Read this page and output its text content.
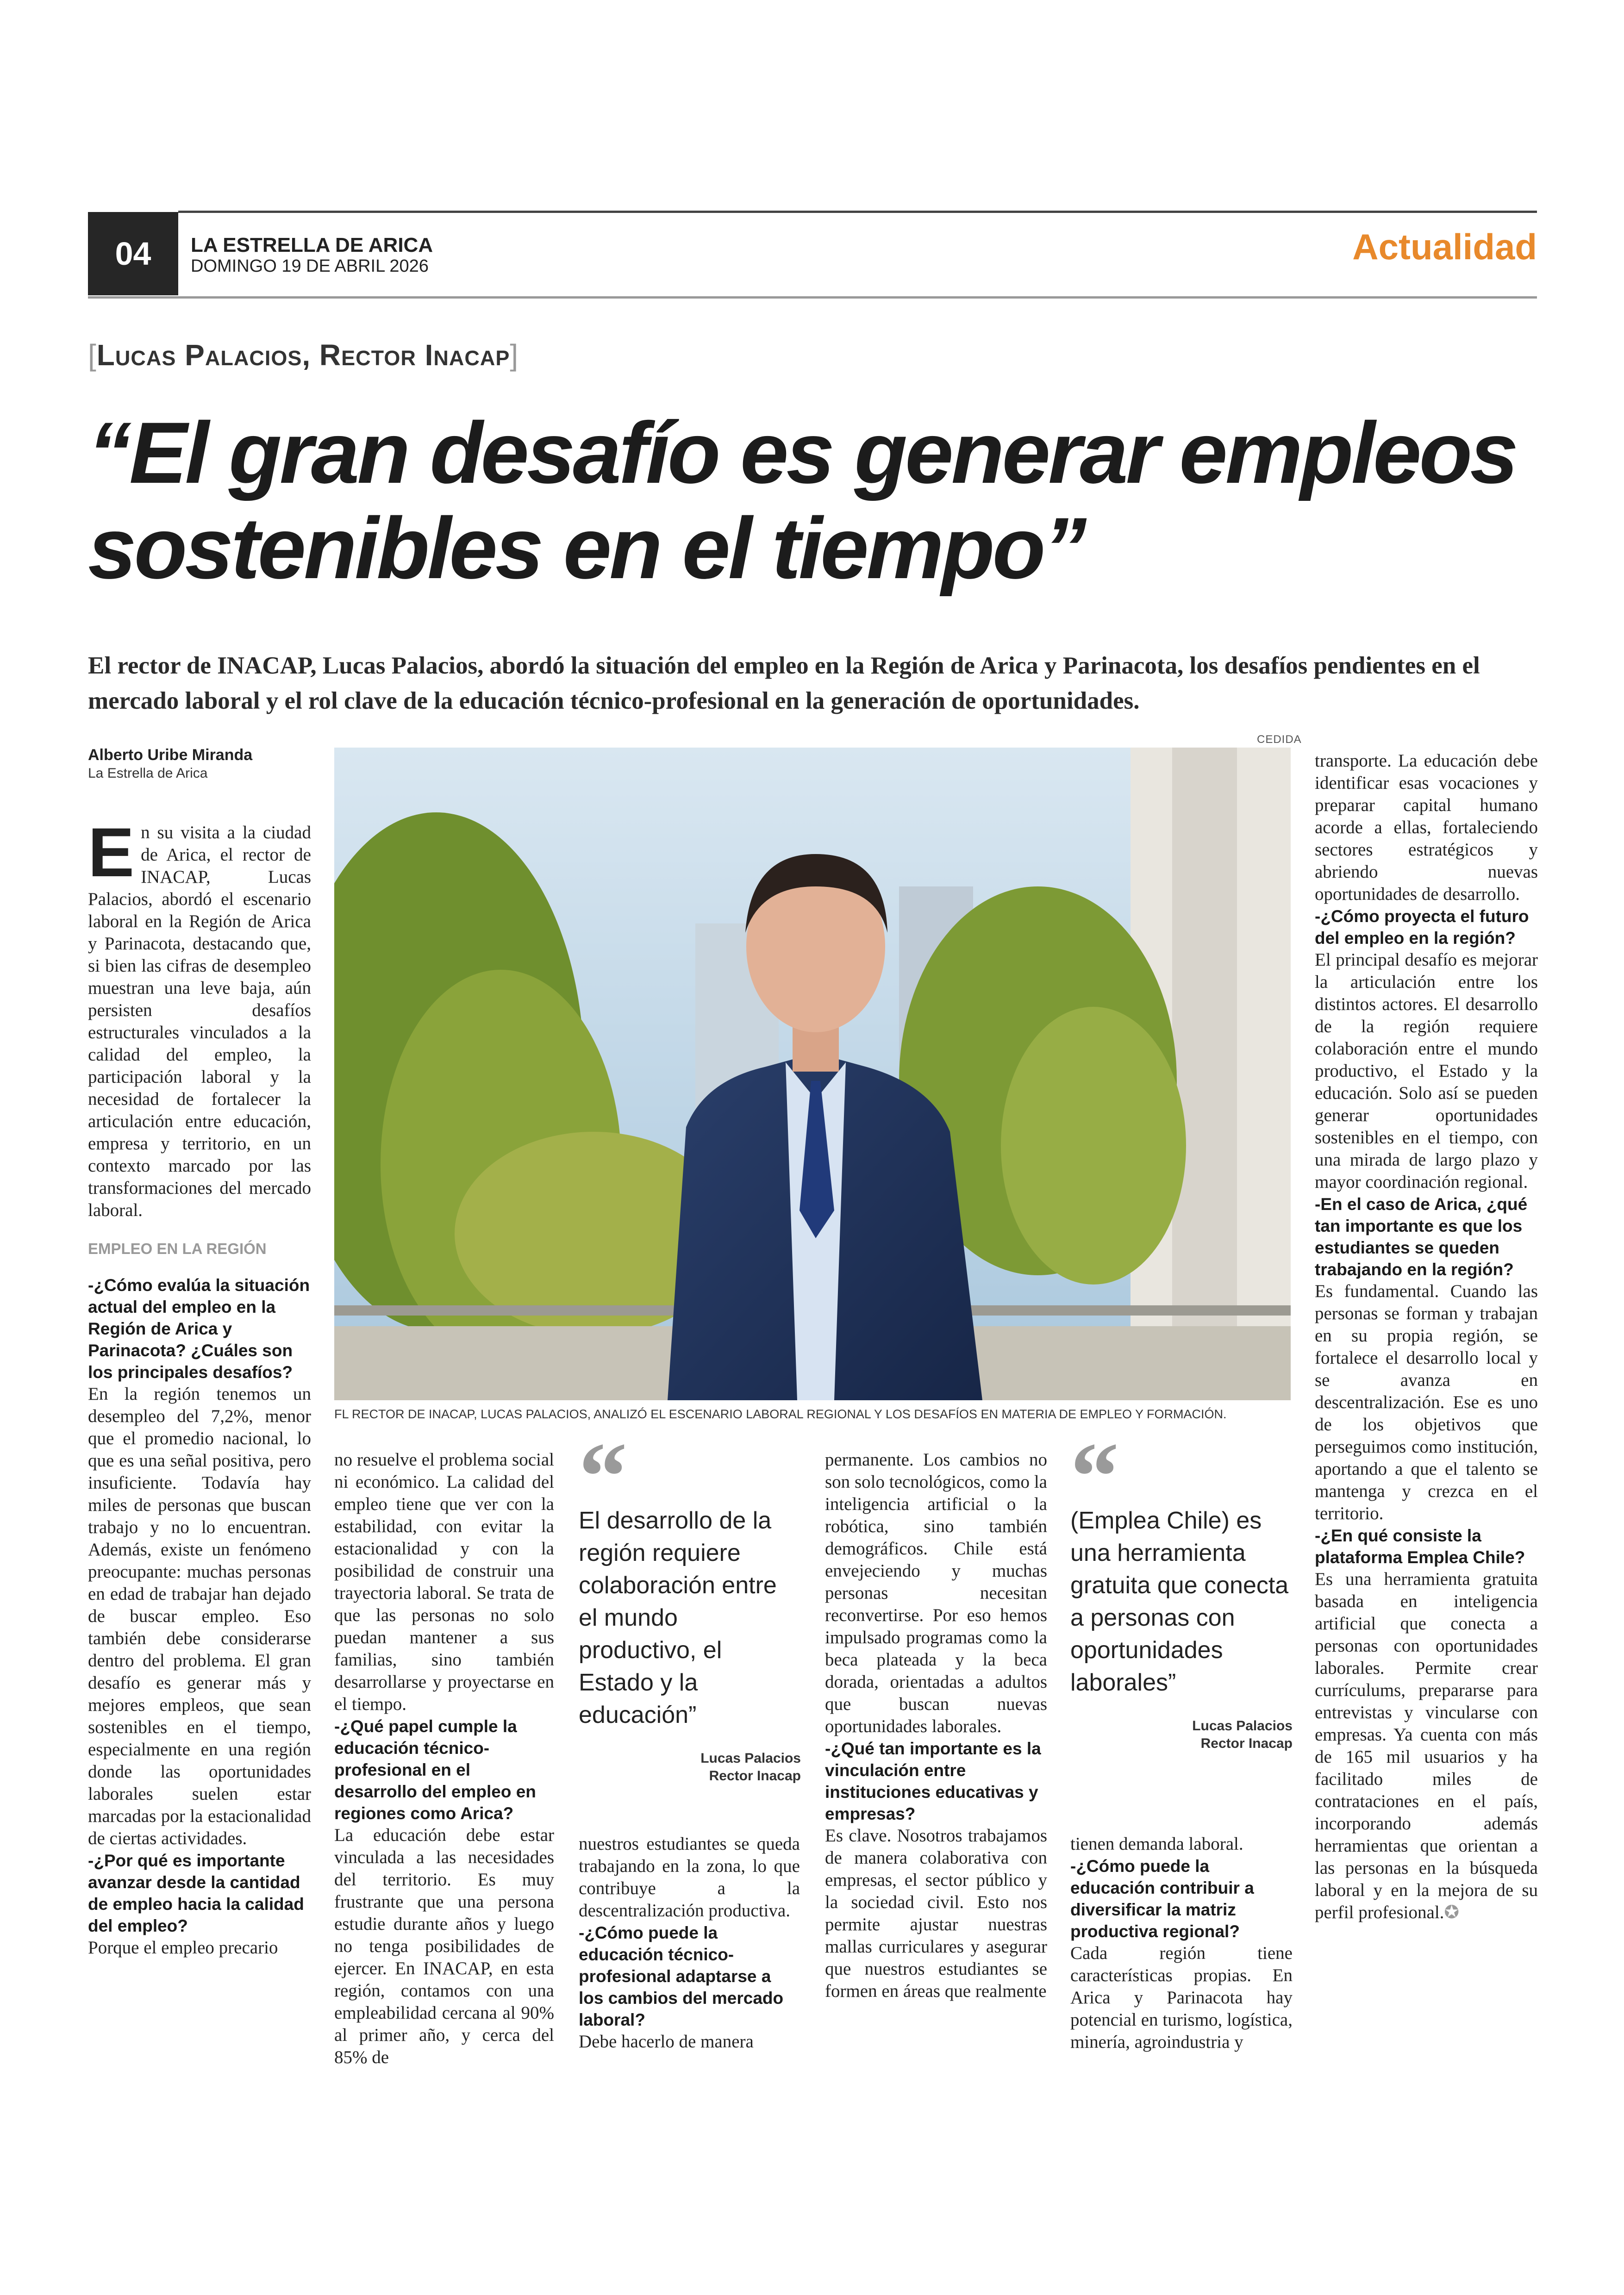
04	LA ESTRELLA DE ARICA
DOMINGO 19 DE ABRIL 2026	Actualidad
[Lucas Palacios, Rector Inacap]
“El gran desafío es generar empleos sostenibles en el tiempo”
El rector de INACAP, Lucas Palacios, abordó la situación del empleo en la Región de Arica y Parinacota, los desafíos pendientes en el mercado laboral y el rol clave de la educación técnico-profesional en la generación de oportunidades.
Alberto Uribe Miranda
La Estrella de Arica
CEDIDA
FL RECTOR DE INACAP, LUCAS PALACIOS, ANALIZÓ EL ESCENARIO LABORAL REGIONAL Y LOS DESAFÍOS EN MATERIA DE EMPLEO Y FORMACIÓN.

En su visita a la ciudad de Arica, el rector de INACAP, Lucas Palacios, abordó el escenario laboral en la Región de Arica y Parinacota, destacando que, si bien las cifras de desempleo muestran una leve baja, aún persisten desafíos estructurales vinculados a la calidad del empleo, la participación laboral y la necesidad de fortalecer la articulación entre educación, empresa y territorio, en un contexto marcado por las transformaciones del mercado laboral.

EMPLEO EN LA REGIÓN

-¿Cómo evalúa la situación actual del empleo en la Región de Arica y Parinacota? ¿Cuáles son los principales desafíos?

En la región tenemos un desempleo del 7,2%, menor que el promedio nacional, lo que es una señal positiva, pero insuficiente. Todavía hay miles de personas que buscan trabajo y no lo encuentran. Además, existe un fenómeno preocupante: muchas personas en edad de trabajar han dejado de buscar empleo. Eso también debe considerarse dentro del problema. El gran desafío es generar más y mejores empleos, que sean sostenibles en el tiempo, especialmente en una región donde las oportunidades laborales suelen estar marcadas por la estacionalidad de ciertas actividades.

-¿Por qué es importante avanzar desde la cantidad de empleo hacia la calidad del empleo?

Porque el empleo precario

no resuelve el problema social ni económico. La calidad del empleo tiene que ver con la estabilidad, con evitar la estacionalidad y con la posibilidad de construir una trayectoria laboral. Se trata de que las personas no solo puedan mantener a sus familias, sino también desarrollarse y proyectarse en el tiempo.

-¿Qué papel cumple la educación técnico-profesional en el desarrollo del empleo en regiones como Arica?

La educación debe estar vinculada a las necesidades del territorio. Es muy frustrante que una persona estudie durante años y luego no tenga posibilidades de ejercer. En INACAP, en esta región, contamos con una empleabilidad cercana al 90% al primer año, y cerca del 85% de

“
El desarrollo de la región requiere colaboración entre el mundo productivo, el Estado y la educación”
Lucas Palacios
Rector Inacap

nuestros estudiantes se queda trabajando en la zona, lo que contribuye a la descentralización productiva.

-¿Cómo puede la educación técnico-profesional adaptarse a los cambios del mercado laboral?

Debe hacerlo de manera

permanente. Los cambios no son solo tecnológicos, como la inteligencia artificial o la robótica, sino también demográficos. Chile está envejeciendo y muchas personas necesitan reconvertirse. Por eso hemos impulsado programas como la beca plateada y la beca dorada, orientadas a adultos que buscan nuevas oportunidades laborales.

-¿Qué tan importante es la vinculación entre instituciones educativas y empresas?

Es clave. Nosotros trabajamos de manera colaborativa con empresas, el sector público y la sociedad civil. Esto nos permite ajustar nuestras mallas curriculares y asegurar que nuestros estudiantes se formen en áreas que realmente

“
(Emplea Chile) es una herramienta gratuita que conecta a personas con oportunidades laborales”
Lucas Palacios
Rector Inacap

tienen demanda laboral.

-¿Cómo puede la educación contribuir a diversificar la matriz productiva regional?

Cada región tiene características propias. En Arica y Parinacota hay potencial en turismo, logística, minería, agroindustria y

transporte. La educación debe identificar esas vocaciones y preparar capital humano acorde a ellas, fortaleciendo sectores estratégicos y abriendo nuevas oportunidades de desarrollo.

-¿Cómo proyecta el futuro del empleo en la región?

El principal desafío es mejorar la articulación entre los distintos actores. El desarrollo de la región requiere colaboración entre el mundo productivo, el Estado y la educación. Solo así se pueden generar oportunidades sostenibles en el tiempo, con una mirada de largo plazo y mayor coordinación regional.

-En el caso de Arica, ¿qué tan importante es que los estudiantes se queden trabajando en la región?

Es fundamental. Cuando las personas se forman y trabajan en su propia región, se fortalece el desarrollo local y se avanza en descentralización. Ese es uno de los objetivos que perseguimos como institución, aportando a que el talento se mantenga y crezca en el territorio.

-¿En qué consiste la plataforma Emplea Chile?

Es una herramienta gratuita basada en inteligencia artificial que conecta a personas con oportunidades laborales. Permite crear currículums, prepararse para entrevistas y vincularse con empresas. Ya cuenta con más de 165 mil usuarios y ha facilitado miles de contrataciones en el país, incorporando además herramientas que orientan a las personas en la búsqueda laboral y en la mejora de su perfil profesional.✪
